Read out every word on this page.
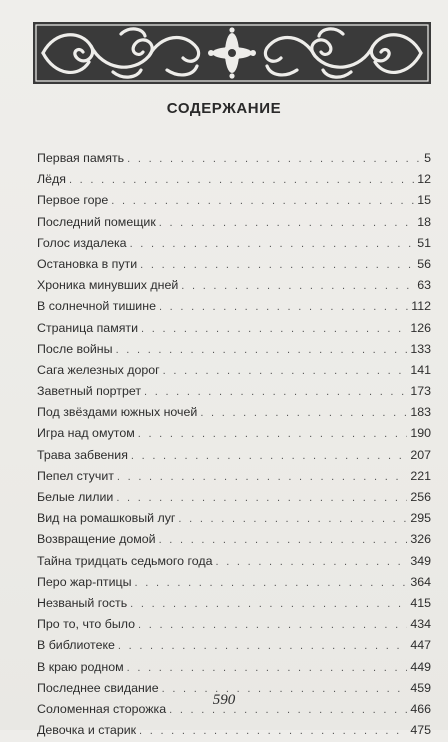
СОДЕРЖАНИЕ
Первая память . . .	5
Лёдя . . .	12
Первое горе . . .	15
Последний помещик . . .	18
Голос издалека . . .	51
Остановка в пути . . .	56
Хроника минувших дней . . .	63
В солнечной тишине . . .	112
Страница памяти . . .	126
После войны . . .	133
Сага железных дорог . . .	141
Заветный портрет . . .	173
Под звёздами южных ночей . . .	183
Игра над омутом . . .	190
Трава забвения . . .	207
Пепел стучит . . .	221
Белые лилии . . .	256
Вид на ромашковый луг . . .	295
Возвращение домой . . .	326
Тайна тридцать седьмого года . . .	349
Перо жар-птицы . . .	364
Незваный гость . . .	415
Про то, что было . . .	434
В библиотеке . . .	447
В краю родном . . .	449
Последнее свидание . . .	459
Соломенная сторожка . . .	466
Девочка и старик . . .	475
590
